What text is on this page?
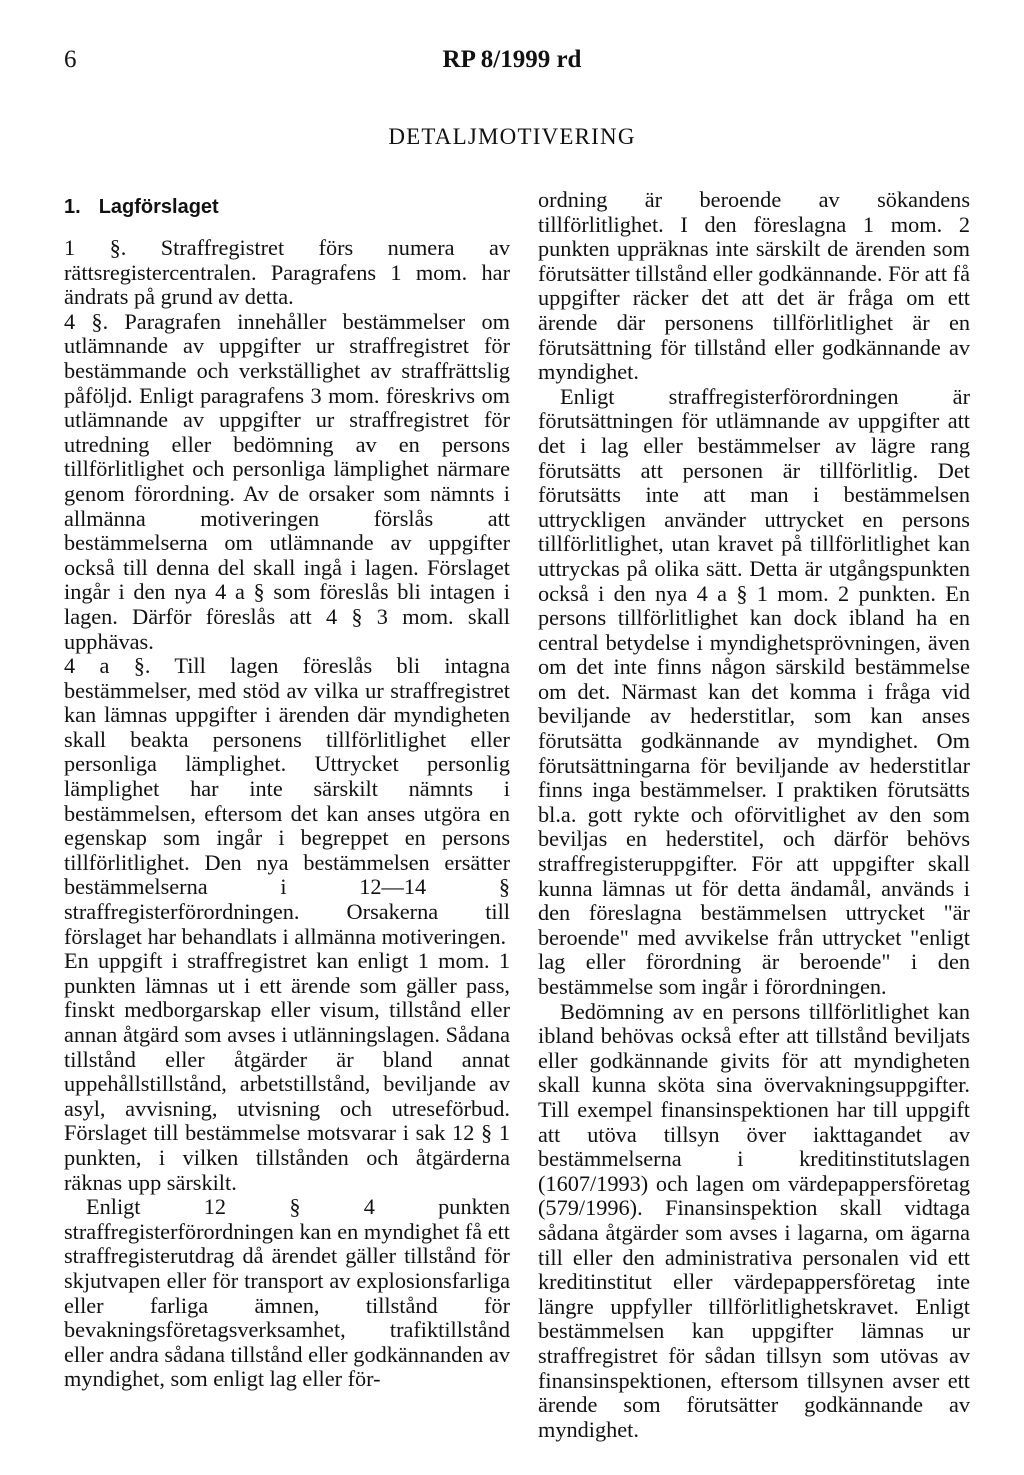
6	RP 8/1999 rd
DETALJMOTIVERING
1. Lagförslaget

1 §. Straffregistret förs numera av rättsregistercentralen. Paragrafens 1 mom. har ändrats på grund av detta.

4 §. Paragrafen innehåller bestämmelser om utlämnande av uppgifter ur straffregistret för bestämmande och verkställighet av straffrättslig påföljd. Enligt paragrafens 3 mom. föreskrivs om utlämnande av uppgifter ur straffregistret för utredning eller bedömning av en persons tillförlitlighet och personliga lämplighet närmare genom förordning. Av de orsaker som nämnts i allmänna motiveringen förslås att bestämmelserna om utlämnande av uppgifter också till denna del skall ingå i lagen. Förslaget ingår i den nya 4 a § som föreslås bli intagen i lagen. Därför föreslås att 4 § 3 mom. skall upphävas.

4 a §. Till lagen föreslås bli intagna bestämmelser, med stöd av vilka ur straffregistret kan lämnas uppgifter i ärenden där myndigheten skall beakta personens tillförlitlighet eller personliga lämplighet. Uttrycket personlig lämplighet har inte särskilt nämnts i bestämmelsen, eftersom det kan anses utgöra en egenskap som ingår i begreppet en persons tillförlitlighet. Den nya bestämmelsen ersätter bestämmelserna i 12—14 § straffregisterförordningen. Orsakerna till förslaget har behandlats i allmänna motiveringen.

En uppgift i straffregistret kan enligt 1 mom. 1 punkten lämnas ut i ett ärende som gäller pass, finskt medborgarskap eller visum, tillstånd eller annan åtgärd som avses i utlänningslagen. Sådana tillstånd eller åtgärder är bland annat uppehållstillstånd, arbetstillstånd, beviljande av asyl, avvisning, utvisning och utreseförbud. Förslaget till bestämmelse motsvarar i sak 12 § 1 punkten, i vilken tillstånden och åtgärderna räknas upp särskilt.

Enligt 12 § 4 punkten straffregisterförordningen kan en myndighet få ett straffregisterutdrag då ärendet gäller tillstånd för skjutvapen eller för transport av explosionsfarliga eller farliga ämnen, tillstånd för bevakningsföretagsverksamhet, trafiktillstånd eller andra sådana tillstånd eller godkännanden av myndighet, som enligt lag eller för-

ordning är beroende av sökandens tillförlitlighet. I den föreslagna 1 mom. 2 punkten uppräknas inte särskilt de ärenden som förutsätter tillstånd eller godkännande. För att få uppgifter räcker det att det är fråga om ett ärende där personens tillförlitlighet är en förutsättning för tillstånd eller godkännande av myndighet.

Enligt straffregisterförordningen är förutsättningen för utlämnande av uppgifter att det i lag eller bestämmelser av lägre rang förutsätts att personen är tillförlitlig. Det förutsätts inte att man i bestämmelsen uttryckligen använder uttrycket en persons tillförlitlighet, utan kravet på tillförlitlighet kan uttryckas på olika sätt. Detta är utgångspunkten också i den nya 4 a § 1 mom. 2 punkten. En persons tillförlitlighet kan dock ibland ha en central betydelse i myndighetsprövningen, även om det inte finns någon särskild bestämmelse om det. Närmast kan det komma i fråga vid beviljande av hederstitlar, som kan anses förutsätta godkännande av myndighet. Om förutsättningarna för beviljande av hederstitlar finns inga bestämmelser. I praktiken förutsätts bl.a. gott rykte och oförvitlighet av den som beviljas en hederstitel, och därför behövs straffregisteruppgifter. För att uppgifter skall kunna lämnas ut för detta ändamål, används i den föreslagna bestämmelsen uttrycket "är beroende" med avvikelse från uttrycket "enligt lag eller förordning är beroende" i den bestämmelse som ingår i förordningen.

Bedömning av en persons tillförlitlighet kan ibland behövas också efter att tillstånd beviljats eller godkännande givits för att myndigheten skall kunna sköta sina övervakningsuppgifter. Till exempel finansinspektionen har till uppgift att utöva tillsyn över iakttagandet av bestämmelserna i kreditinstitutslagen (1607/1993) och lagen om värdepappersföretag (579/1996). Finansinspektion skall vidtaga sådana åtgärder som avses i lagarna, om ägarna till eller den administrativa personalen vid ett kreditinstitut eller värdepappersföretag inte längre uppfyller tillförlitlighetskravet. Enligt bestämmelsen kan uppgifter lämnas ur straffregistret för sådan tillsyn som utövas av finansinspektionen, eftersom tillsynen avser ett ärende som förutsätter godkännande av myndighet.
